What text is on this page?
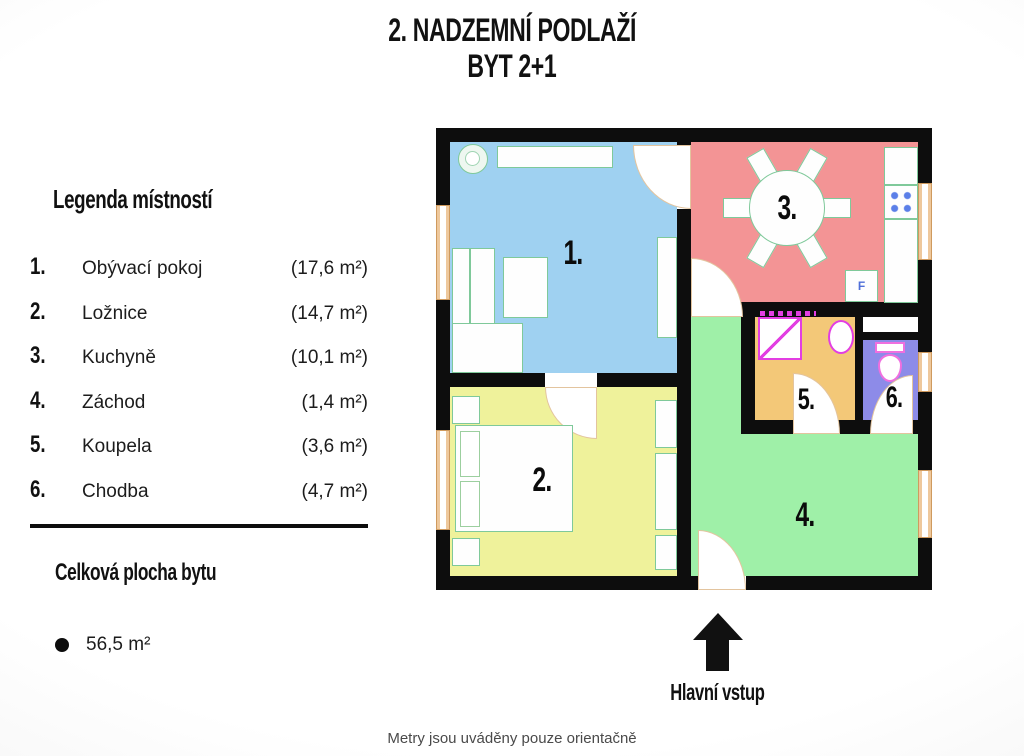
2. NADZEMNÍ PODLAŽÍ
BYT 2+1
Legenda místností
1.	Obývací pokoj	(17,6 m²)
2.	Ložnice	(14,7 m²)
3.	Kuchyně	(10,1 m²)
4.	Záchod	(1,4 m²)
5.	Koupela	(3,6 m²)
6.	Chodba	(4,7 m²)
Celková plocha bytu
56,5 m²
F
1.
2.
3.
4.
5. 6.
Hlavní vstup
Metry jsou uváděny pouze orientačně
